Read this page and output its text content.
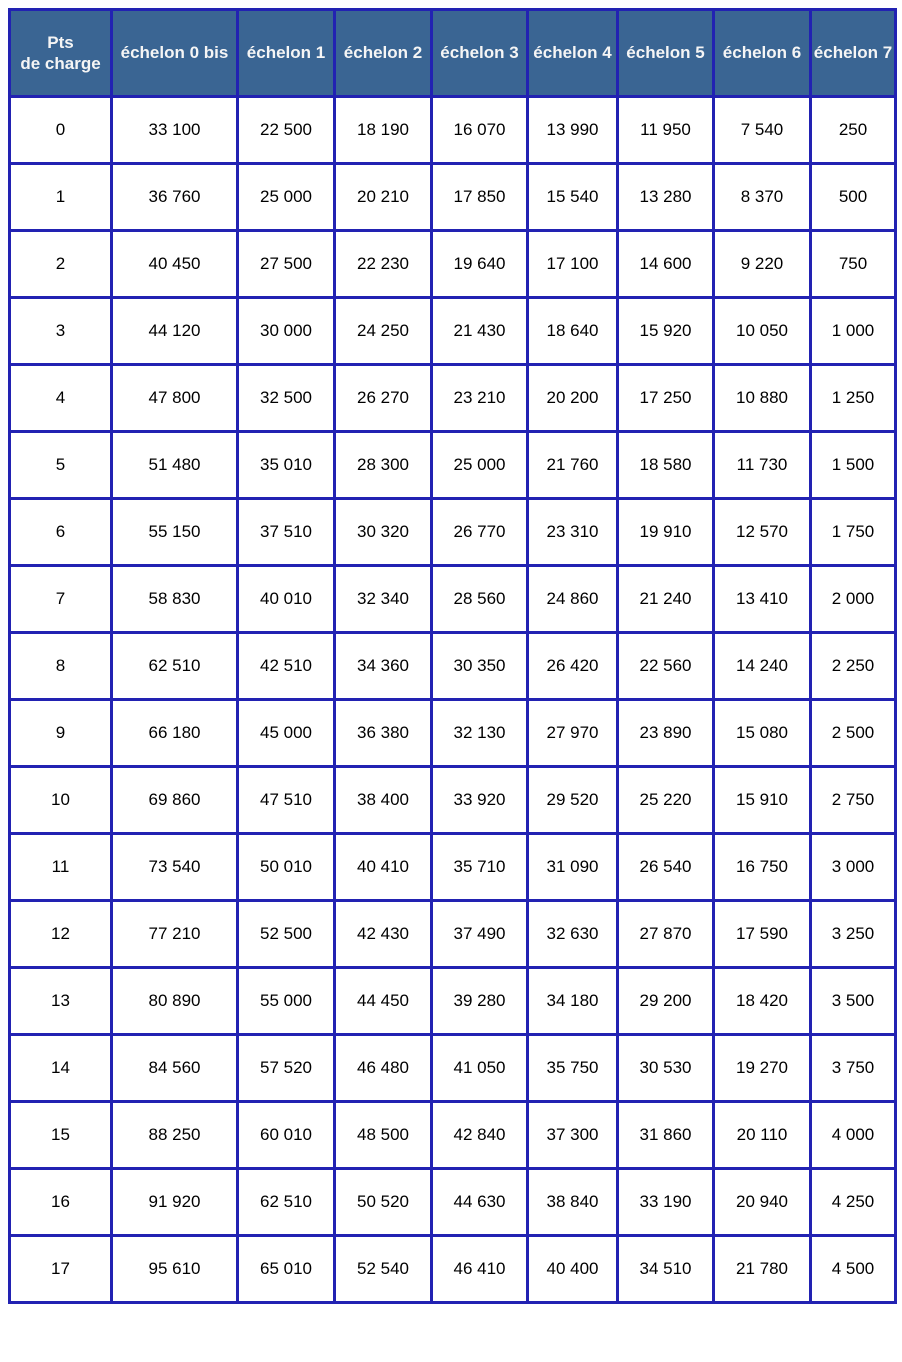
Pts
de charge	échelon 0 bis	échelon 1	échelon 2	échelon 3	échelon 4	échelon 5	échelon 6	échelon 7
0	33 100	22 500	18 190	16 070	13 990	11 950	7 540	250
1	36 760	25 000	20 210	17 850	15 540	13 280	8 370	500
2	40 450	27 500	22 230	19 640	17 100	14 600	9 220	750
3	44 120	30 000	24 250	21 430	18 640	15 920	10 050	1 000
4	47 800	32 500	26 270	23 210	20 200	17 250	10 880	1 250
5	51 480	35 010	28 300	25 000	21 760	18 580	11 730	1 500
6	55 150	37 510	30 320	26 770	23 310	19 910	12 570	1 750
7	58 830	40 010	32 340	28 560	24 860	21 240	13 410	2 000
8	62 510	42 510	34 360	30 350	26 420	22 560	14 240	2 250
9	66 180	45 000	36 380	32 130	27 970	23 890	15 080	2 500
10	69 860	47 510	38 400	33 920	29 520	25 220	15 910	2 750
11	73 540	50 010	40 410	35 710	31 090	26 540	16 750	3 000
12	77 210	52 500	42 430	37 490	32 630	27 870	17 590	3 250
13	80 890	55 000	44 450	39 280	34 180	29 200	18 420	3 500
14	84 560	57 520	46 480	41 050	35 750	30 530	19 270	3 750
15	88 250	60 010	48 500	42 840	37 300	31 860	20 110	4 000
16	91 920	62 510	50 520	44 630	38 840	33 190	20 940	4 250
17	95 610	65 010	52 540	46 410	40 400	34 510	21 780	4 500
